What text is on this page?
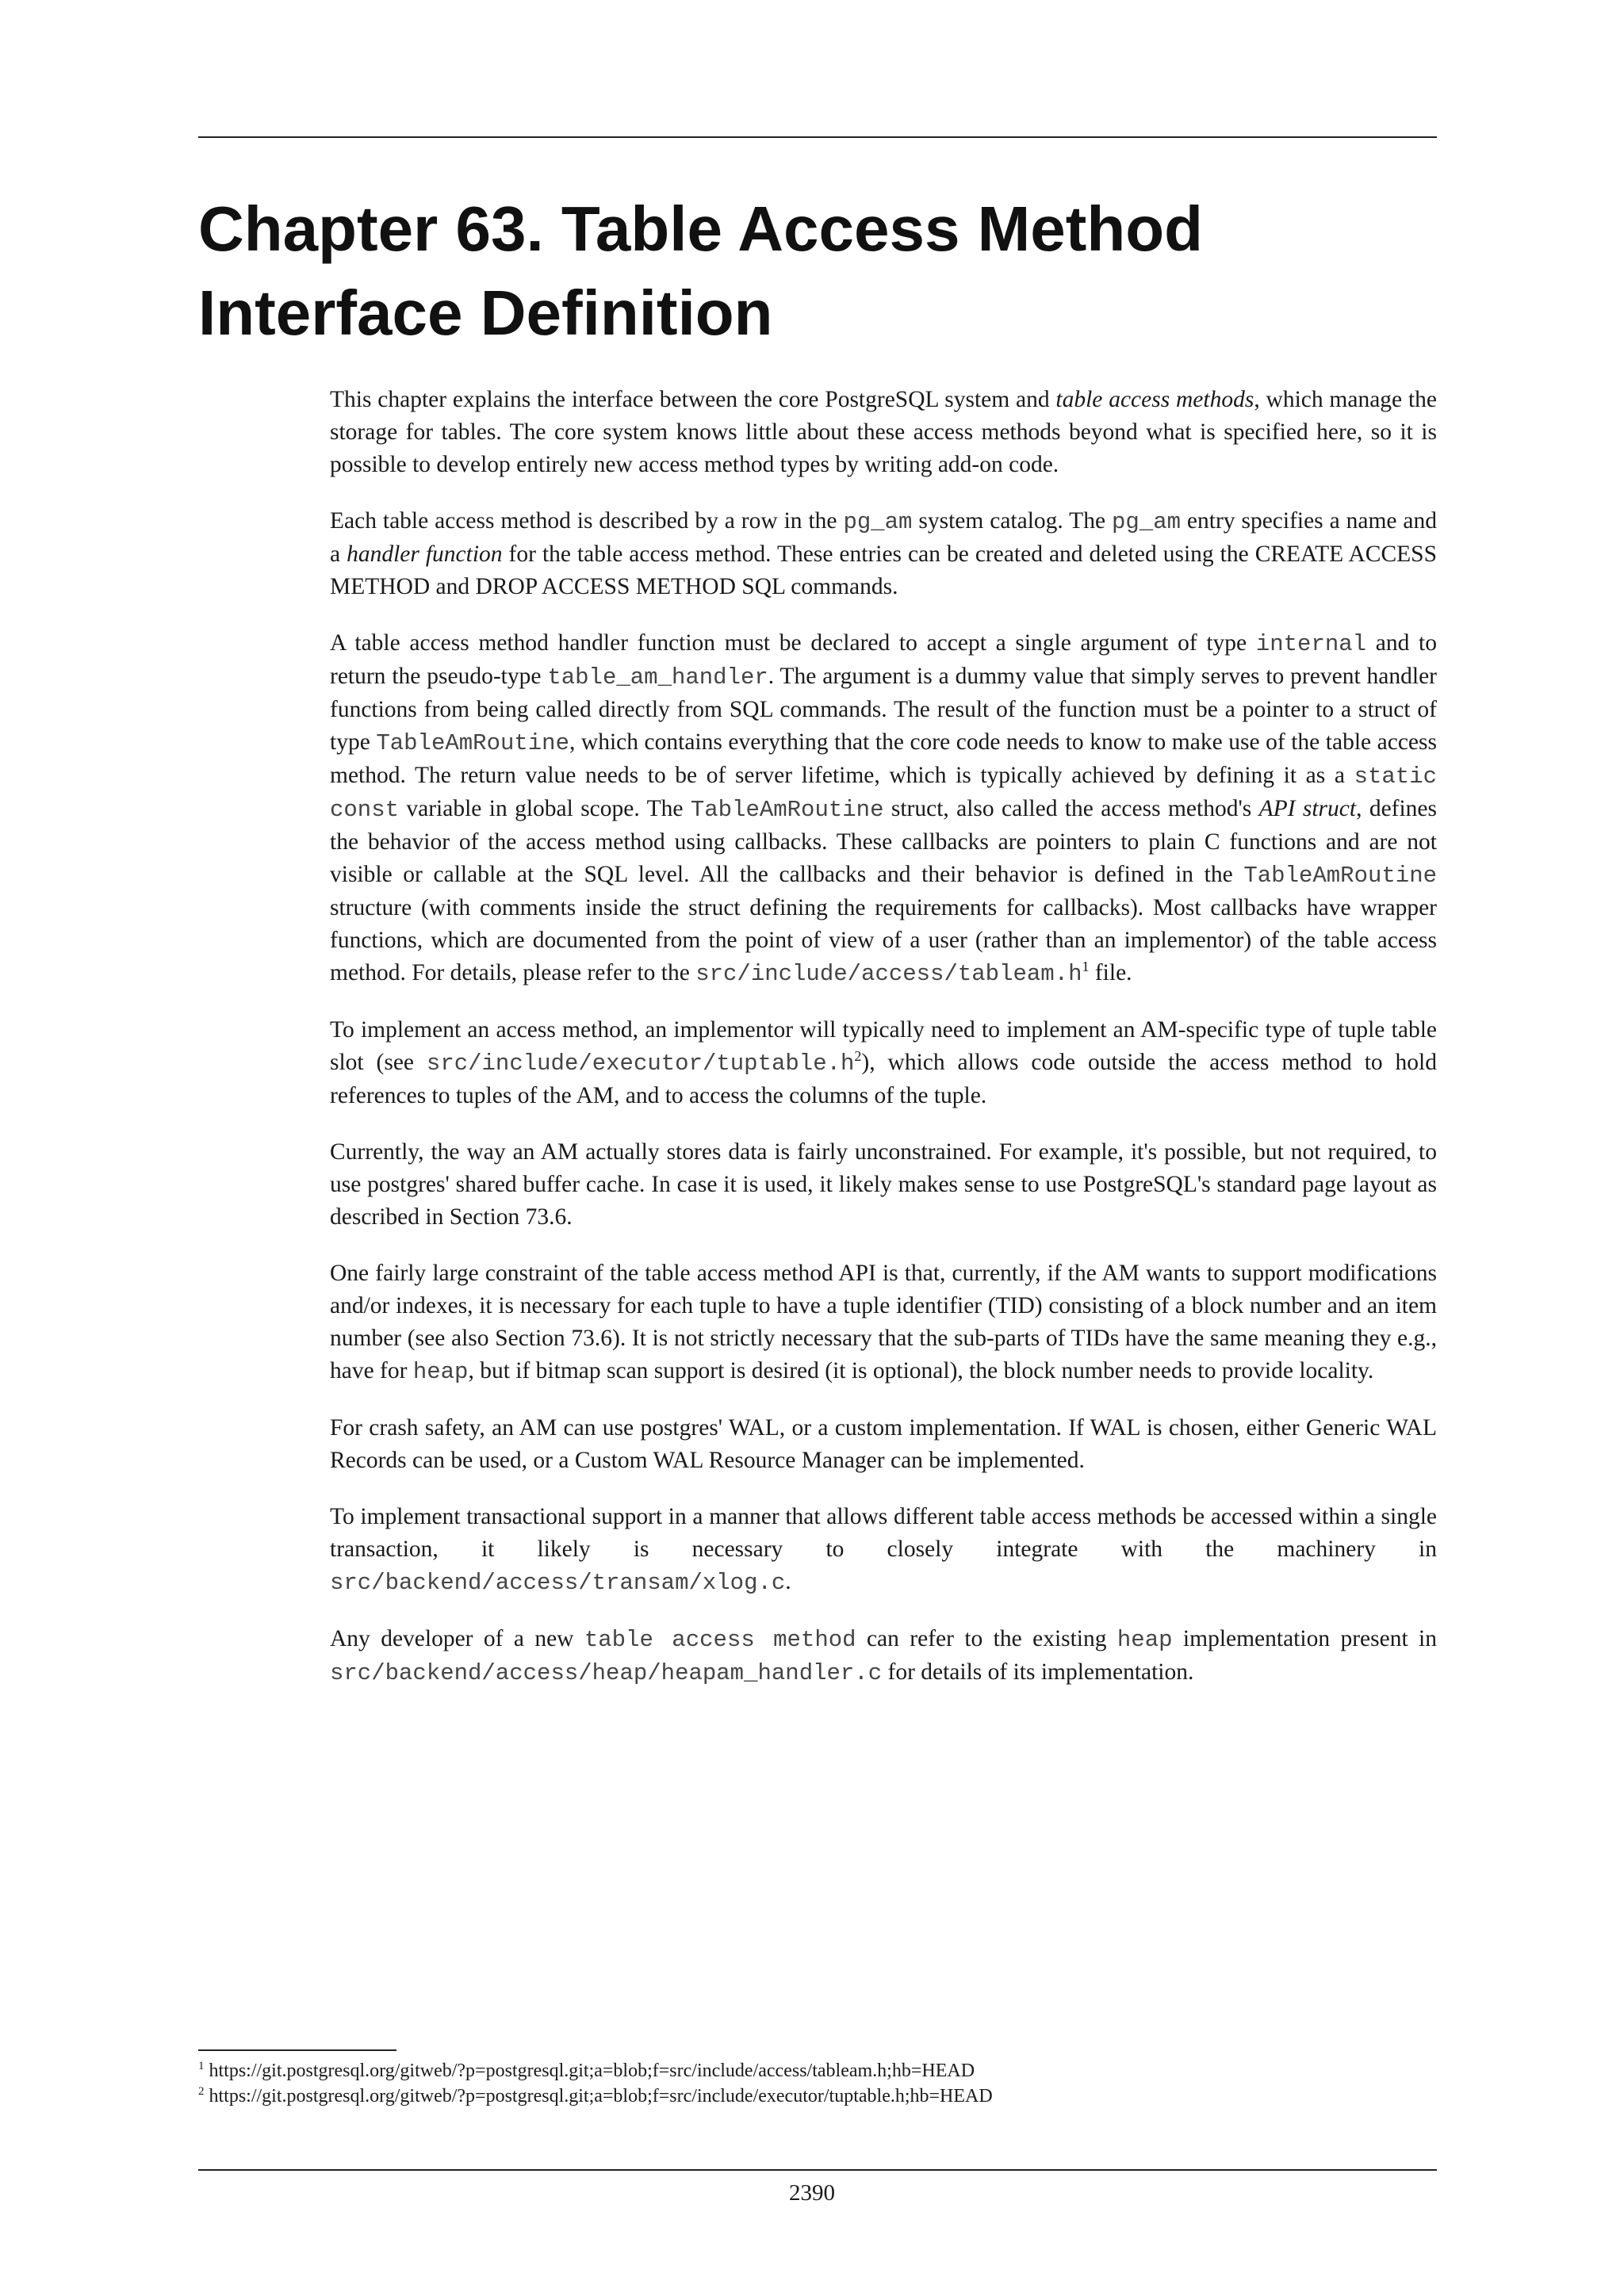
Chapter 63. Table Access Method
Interface Definition

This chapter explains the interface between the core PostgreSQL system and table access methods, which manage the storage for tables. The core system knows little about these access methods beyond what is specified here, so it is possible to develop entirely new access method types by writing add-on code.

Each table access method is described by a row in the pg_am system catalog. The pg_am entry specifies a name and a handler function for the table access method. These entries can be created and deleted using the CREATE ACCESS METHOD and DROP ACCESS METHOD SQL commands.

A table access method handler function must be declared to accept a single argument of type internal and to return the pseudo-type table_am_handler. The argument is a dummy value that simply serves to prevent handler functions from being called directly from SQL commands. The result of the function must be a pointer to a struct of type TableAmRoutine, which contains everything that the core code needs to know to make use of the table access method. The return value needs to be of server lifetime, which is typically achieved by defining it as a static const variable in global scope. The TableAmRoutine struct, also called the access method's API struct, defines the behavior of the access method using callbacks. These callbacks are pointers to plain C functions and are not visible or callable at the SQL level. All the callbacks and their behavior is defined in the TableAmRoutine structure (with comments inside the struct defining the requirements for callbacks). Most callbacks have wrapper functions, which are documented from the point of view of a user (rather than an implementor) of the table access method. For details, please refer to the src/$include/access/tableam.h^1$ file.

To implement an access method, an implementor will typically need to implement an AM-specific type of tuple table slot (see src/$include/executor/tuptable.h^2$), which allows code outside the access method to hold references to tuples of the AM, and to access the columns of the tuple.

Currently, the way an AM actually stores data is fairly unconstrained. For example, it's possible, but not required, to use postgres' shared buffer cache. In case it is used, it likely makes sense to use PostgreSQL's standard page layout as described in Section 73.6.

One fairly large constraint of the table access method API is that, currently, if the AM wants to support modifications and/or indexes, it is necessary for each tuple to have a tuple identifier (TID) consisting of a block number and an item number (see also Section 73.6). It is not strictly necessary that the sub-parts of TIDs have the same meaning they e.g., have for heap, but if bitmap scan support is desired (it is optional), the block number needs to provide locality.

For crash safety, an AM can use postgres' WAL, or a custom implementation. If WAL is chosen, either Generic WAL Records can be used, or a Custom WAL Resource Manager can be implemented.

To implement transactional support in a manner that allows different table access methods be accessed within a single transaction, it likely is necessary to closely integrate with the machinery in src/backend/access/transam/xlog.c.

Any developer of a new table access method can refer to the existing heap implementation present in src/backend/access/heap/heapam_handler.c for details of its implementation.

$^1$ https://git.postgresql.org/gitweb/?p=postgresql.git;a=blob;f=src/include/access/tableam.h;hb=HEAD
$^2$ https://git.postgresql.org/gitweb/?p=postgresql.git;a=blob;f=src/include/executor/tuptable.h;hb=HEAD
2390
